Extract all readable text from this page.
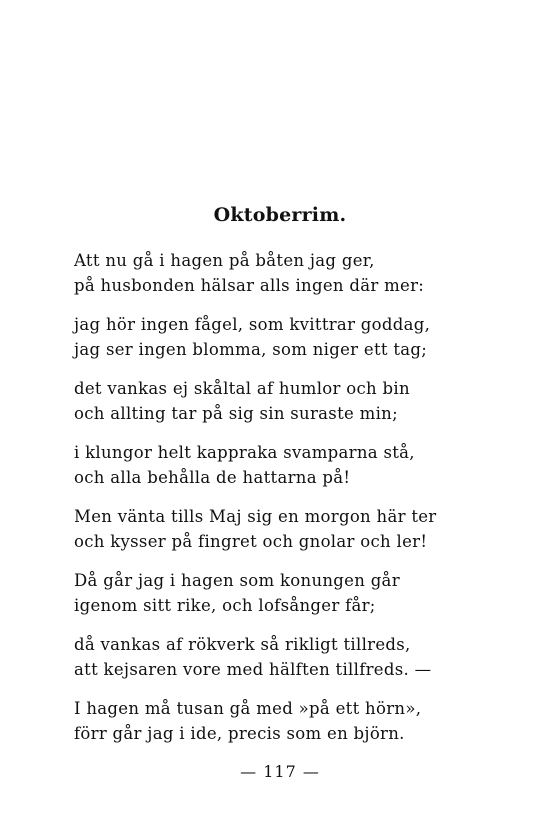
Oktoberrim.
Att nu gå i hagen på båten jag ger,
på husbonden hälsar alls ingen där mer:
jag hör ingen fågel, som kvittrar goddag,
jag ser ingen blomma, som niger ett tag;
det vankas ej skåltal af humlor och bin
och allting tar på sig sin suraste min;
i klungor helt kappraka svamparna stå,
och alla behålla de hattarna på!
Men vänta tills Maj sig en morgon här ter
och kysser på fingret och gnolar och ler!
Då går jag i hagen som konungen går
igenom sitt rike, och lofsånger får;
då vankas af rökverk så rikligt tillreds,
att kejsaren vore med hälften tillfreds. —
I hagen må tusan gå med »på ett hörn»,
förr går jag i ide, precis som en björn.
— 117 —
